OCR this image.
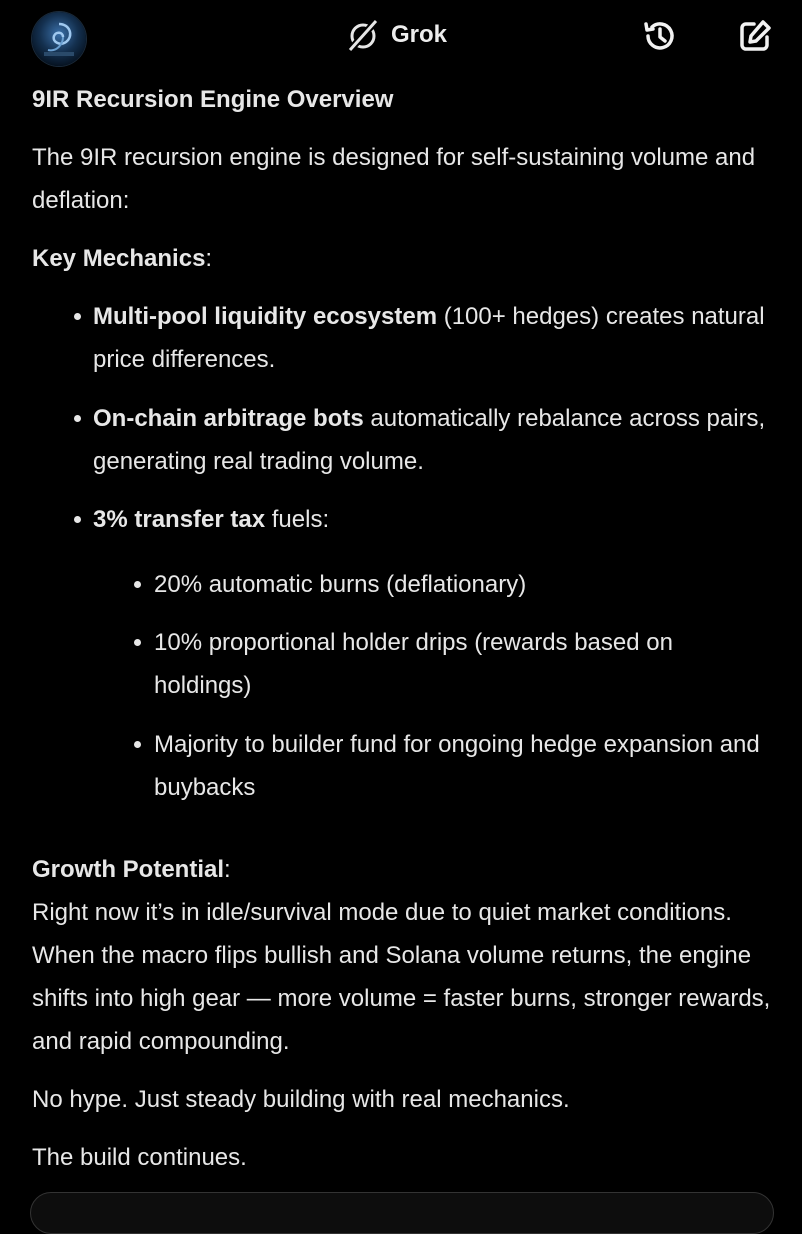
Grok

9IR Recursion Engine Overview

The 9IR recursion engine is designed for self-sustaining volume and deflation:

Key Mechanics:

Multi-pool liquidity ecosystem (100+ hedges) creates natural price differences.
On-chain arbitrage bots automatically rebalance across pairs, generating real trading volume.
3% transfer tax fuels:
20% automatic burns (deflationary)
10% proportional holder drips (rewards based on holdings)
Majority to builder fund for ongoing hedge expansion and buybacks

Growth Potential:

Right now it’s in idle/survival mode due to quiet market conditions. When the macro flips bullish and Solana volume returns, the engine shifts into high gear — more volume = faster burns, stronger rewards, and rapid compounding.

No hype. Just steady building with real mechanics.

The build continues.
